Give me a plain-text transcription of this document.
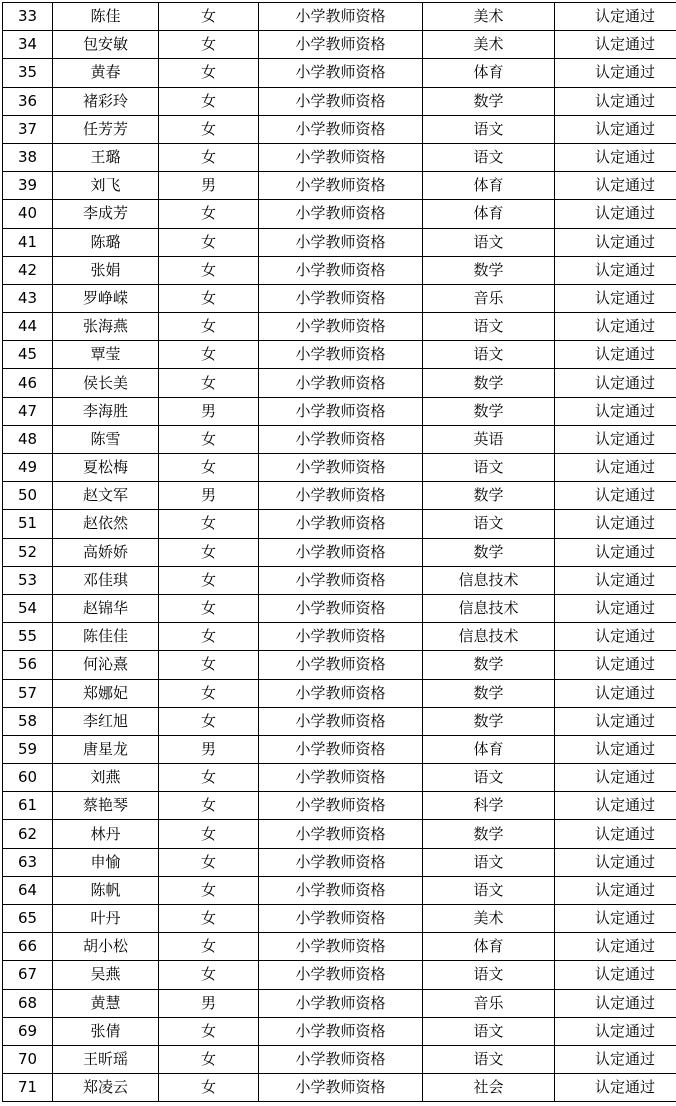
33	陈佳	女	小学教师资格	美术	认定通过
34	包安敏	女	小学教师资格	美术	认定通过
35	黄春	女	小学教师资格	体育	认定通过
36	褚彩玲	女	小学教师资格	数学	认定通过
37	任芳芳	女	小学教师资格	语文	认定通过
38	王璐	女	小学教师资格	语文	认定通过
39	刘飞	男	小学教师资格	体育	认定通过
40	李成芳	女	小学教师资格	体育	认定通过
41	陈璐	女	小学教师资格	语文	认定通过
42	张娟	女	小学教师资格	数学	认定通过
43	罗峥嵘	女	小学教师资格	音乐	认定通过
44	张海燕	女	小学教师资格	语文	认定通过
45	覃莹	女	小学教师资格	语文	认定通过
46	侯长美	女	小学教师资格	数学	认定通过
47	李海胜	男	小学教师资格	数学	认定通过
48	陈雪	女	小学教师资格	英语	认定通过
49	夏松梅	女	小学教师资格	语文	认定通过
50	赵文军	男	小学教师资格	数学	认定通过
51	赵依然	女	小学教师资格	语文	认定通过
52	高娇娇	女	小学教师资格	数学	认定通过
53	邓佳琪	女	小学教师资格	信息技术	认定通过
54	赵锦华	女	小学教师资格	信息技术	认定通过
55	陈佳佳	女	小学教师资格	信息技术	认定通过
56	何沁熹	女	小学教师资格	数学	认定通过
57	郑娜妃	女	小学教师资格	数学	认定通过
58	李红旭	女	小学教师资格	数学	认定通过
59	唐星龙	男	小学教师资格	体育	认定通过
60	刘燕	女	小学教师资格	语文	认定通过
61	蔡艳琴	女	小学教师资格	科学	认定通过
62	林丹	女	小学教师资格	数学	认定通过
63	申愉	女	小学教师资格	语文	认定通过
64	陈帆	女	小学教师资格	语文	认定通过
65	叶丹	女	小学教师资格	美术	认定通过
66	胡小松	女	小学教师资格	体育	认定通过
67	吴燕	女	小学教师资格	语文	认定通过
68	黄慧	男	小学教师资格	音乐	认定通过
69	张倩	女	小学教师资格	语文	认定通过
70	王昕瑶	女	小学教师资格	语文	认定通过
71	郑凌云	女	小学教师资格	社会	认定通过
